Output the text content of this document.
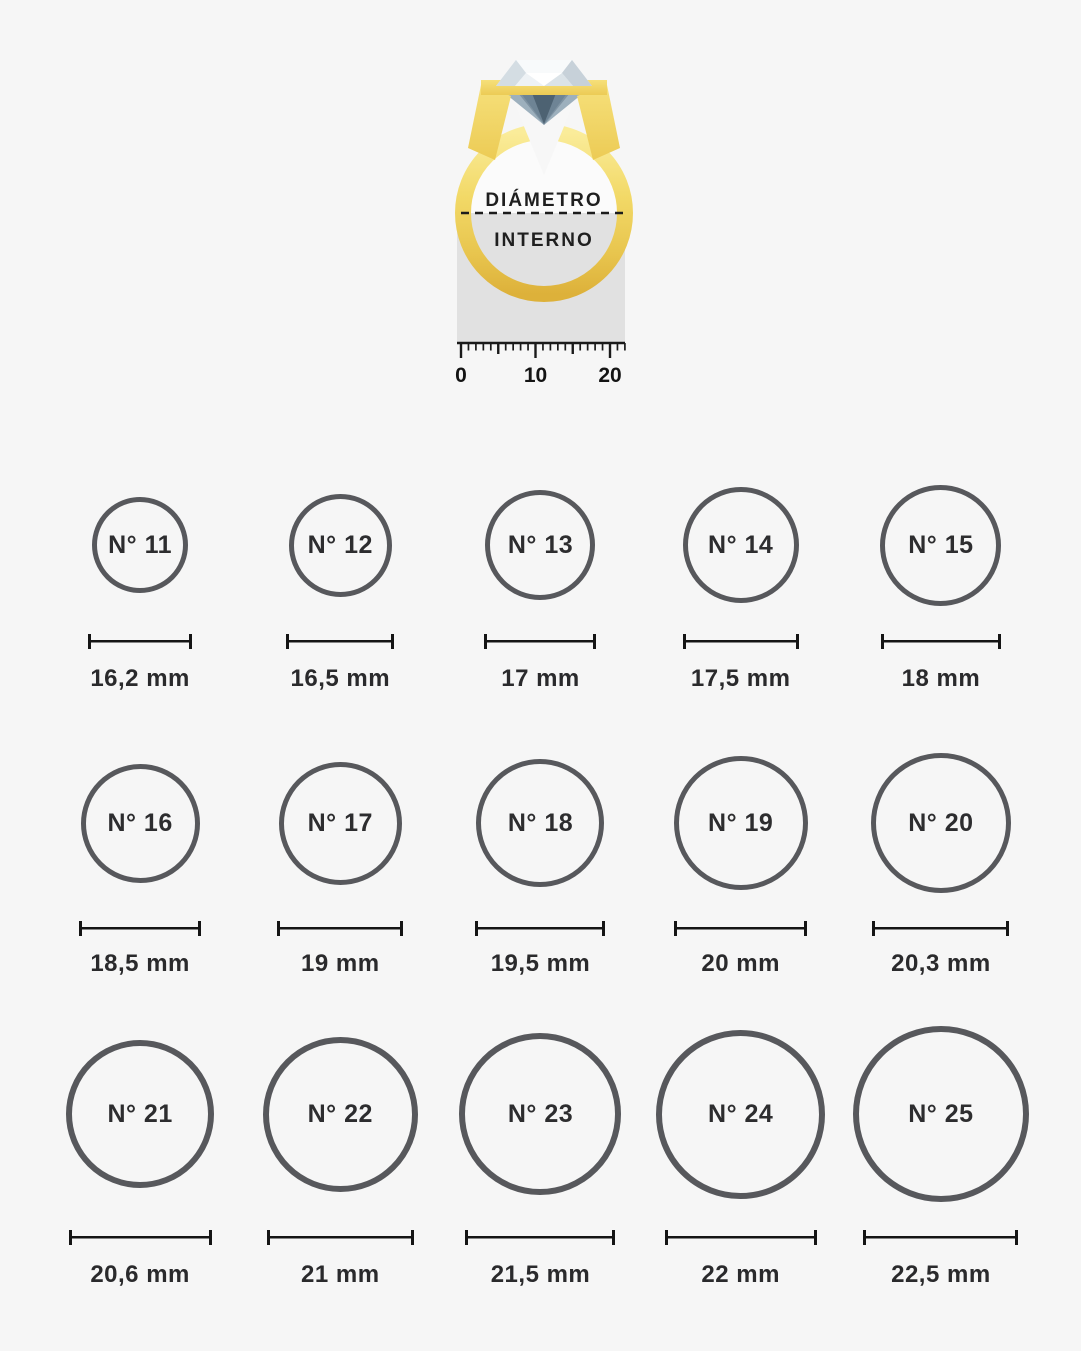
DIÁMETRO
INTERNO
0	10 20
N° 11
16,2 mm
N° 12
16,5 mm
N° 13
17 mm
N° 14
17,5 mm
N° 15
18 mm
N° 16
18,5 mm
N° 17
19 mm
N° 18
19,5 mm
N° 19
20 mm
N° 20
20,3 mm
N° 21
20,6 mm
N° 22
21 mm
N° 23
21,5 mm
N° 24
22 mm
N° 25
22,5 mm
